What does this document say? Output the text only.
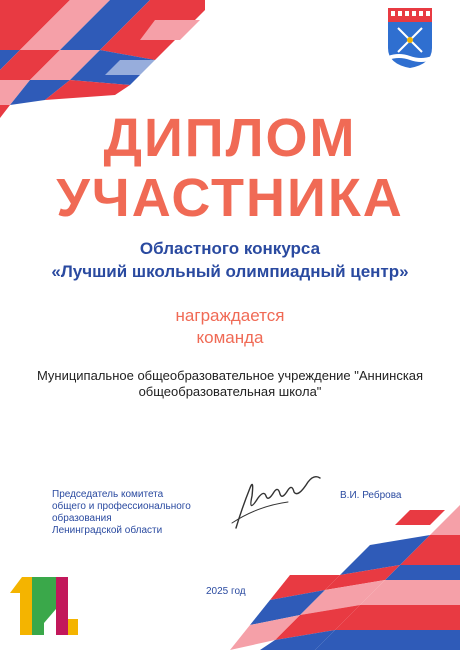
ДИПЛОМ
УЧАСТНИКА
Областного конкурса
«Лучший школьный олимпиадный центр»
награждается
команда
Муниципальное общеобразовательное учреждение "Аннинская
общеобразовательная школа"
Председатель комитета
общего и профессионального
образования
Ленинградской области
В.И. Реброва
2025 год
